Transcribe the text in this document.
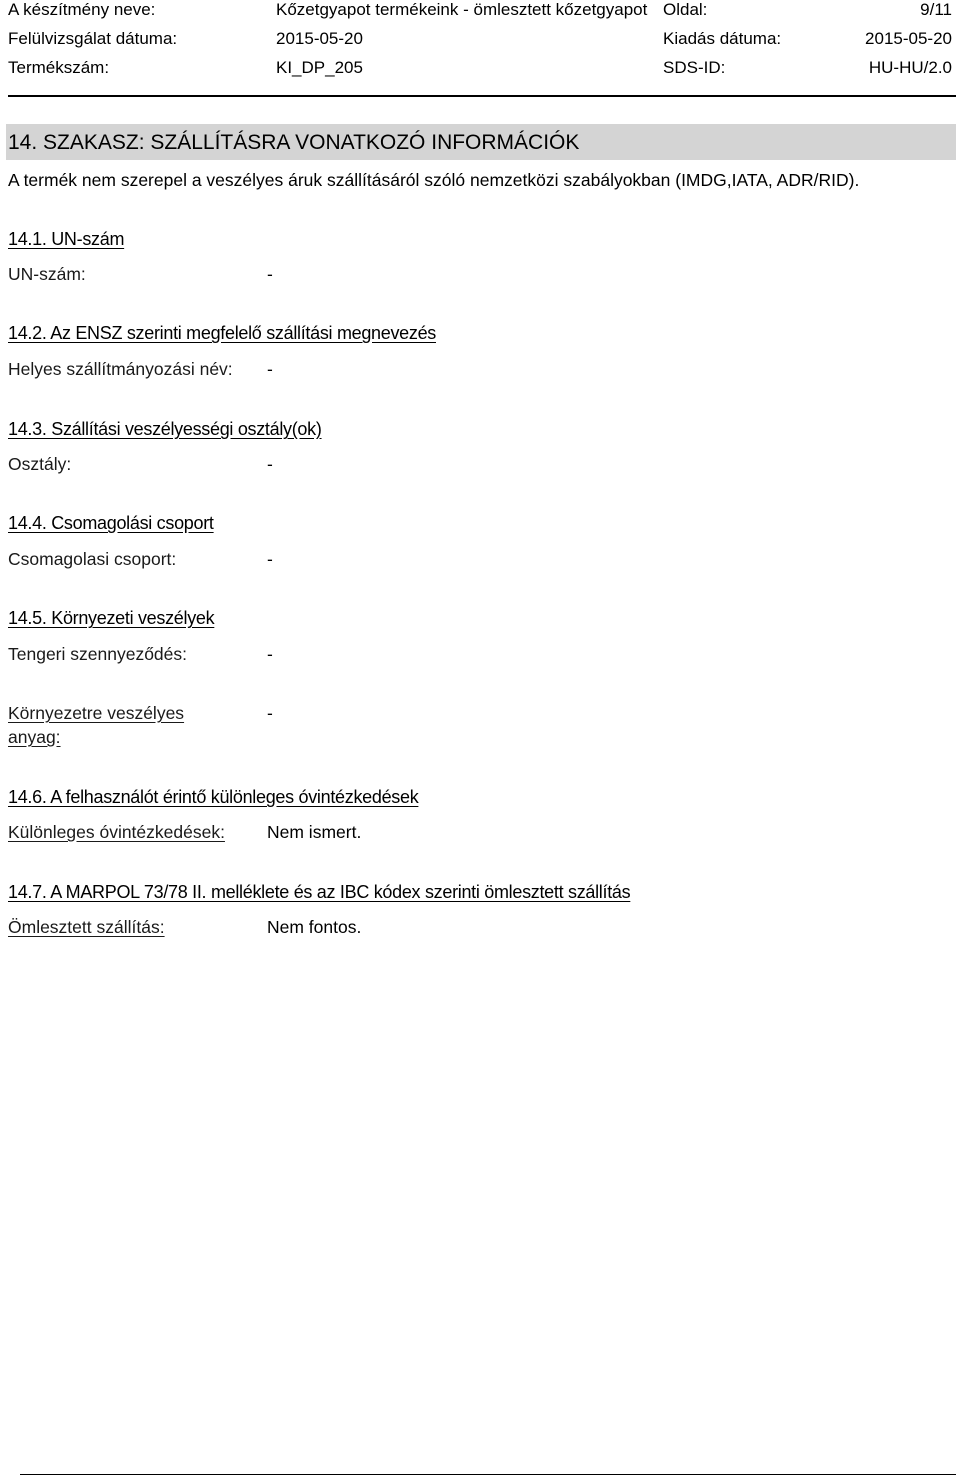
A készítmény neve:	Kőzetgyapot termékeink - ömlesztett kőzetgyapot Oldal:	9/11
Felülvizsgálat dátuma:	2015-05-20	Kiadás dátuma:	2015-05-20
Termékszám:	KI_DP_205	SDS-ID:	HU-HU/2.0
14. SZAKASZ: SZÁLLÍTÁSRA VONATKOZÓ INFORMÁCIÓK
A termék nem szerepel a veszélyes áruk szállításáról szóló nemzetközi szabályokban (IMDG,IATA, ADR/RID).
14.1. UN-szám
UN-szám:	-
14.2. Az ENSZ szerinti megfelelő szállítási megnevezés
Helyes szállítmányozási név: -
14.3. Szállítási veszélyességi osztály(ok)
Osztály:	-
14.4. Csomagolási csoport
Csomagolasi csoport:	-
14.5. Környezeti veszélyek
Tengeri szennyeződés:	-
Környezetre veszélyes anyag:
-
14.6. A felhasználót érintő különleges óvintézkedések
Különleges óvintézkedések: Nem ismert.
14.7. A MARPOL 73/78 II. melléklete és az IBC kódex szerinti ömlesztett szállítás
Ömlesztett szállítás:	Nem fontos.
